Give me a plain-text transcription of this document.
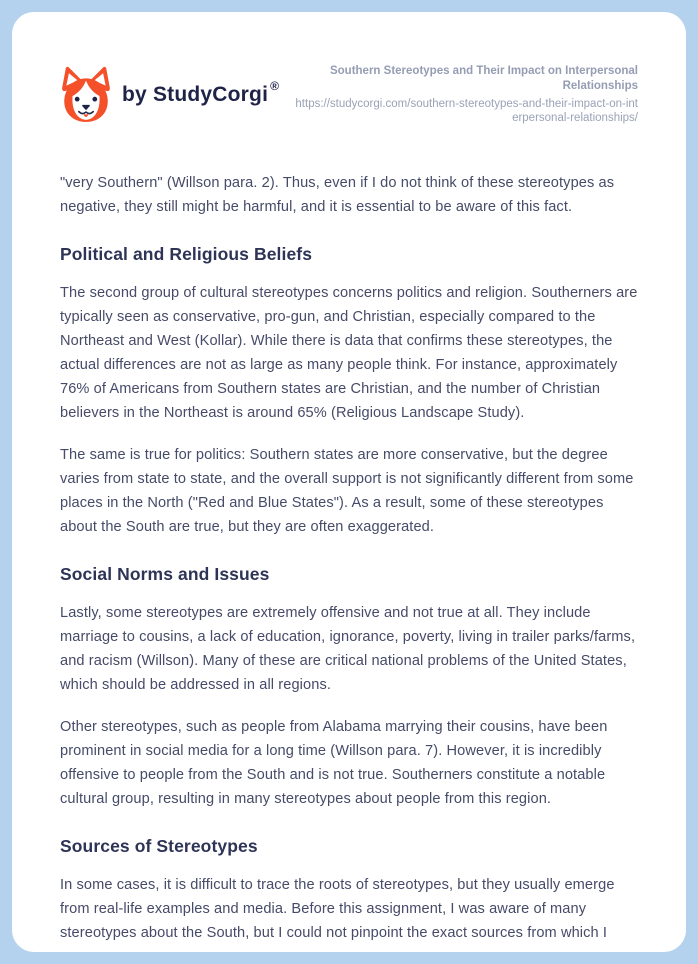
by StudyCorgi ®
Southern Stereotypes and Their Impact on Interpersonal Relationships
https://studycorgi.com/southern-stereotypes-and-their-impact-on-interpersonal-relationships/

"very Southern" (Willson para. 2). Thus, even if I do not think of these stereotypes as negative, they still might be harmful, and it is essential to be aware of this fact.

Political and Religious Beliefs

The second group of cultural stereotypes concerns politics and religion. Southerners are typically seen as conservative, pro-gun, and Christian, especially compared to the Northeast and West (Kollar). While there is data that confirms these stereotypes, the actual differences are not as large as many people think. For instance, approximately 76% of Americans from Southern states are Christian, and the number of Christian believers in the Northeast is around 65% (Religious Landscape Study).

The same is true for politics: Southern states are more conservative, but the degree varies from state to state, and the overall support is not significantly different from some places in the North ("Red and Blue States"). As a result, some of these stereotypes about the South are true, but they are often exaggerated.

Social Norms and Issues

Lastly, some stereotypes are extremely offensive and not true at all. They include marriage to cousins, a lack of education, ignorance, poverty, living in trailer parks/farms, and racism (Willson). Many of these are critical national problems of the United States, which should be addressed in all regions.

Other stereotypes, such as people from Alabama marrying their cousins, have been prominent in social media for a long time (Willson para. 7). However, it is incredibly offensive to people from the South and is not true. Southerners constitute a notable cultural group, resulting in many stereotypes about people from this region.

Sources of Stereotypes

In some cases, it is difficult to trace the roots of stereotypes, but they usually emerge from real-life examples and media. Before this assignment, I was aware of many stereotypes about the South, but I could not pinpoint the exact sources from which I
